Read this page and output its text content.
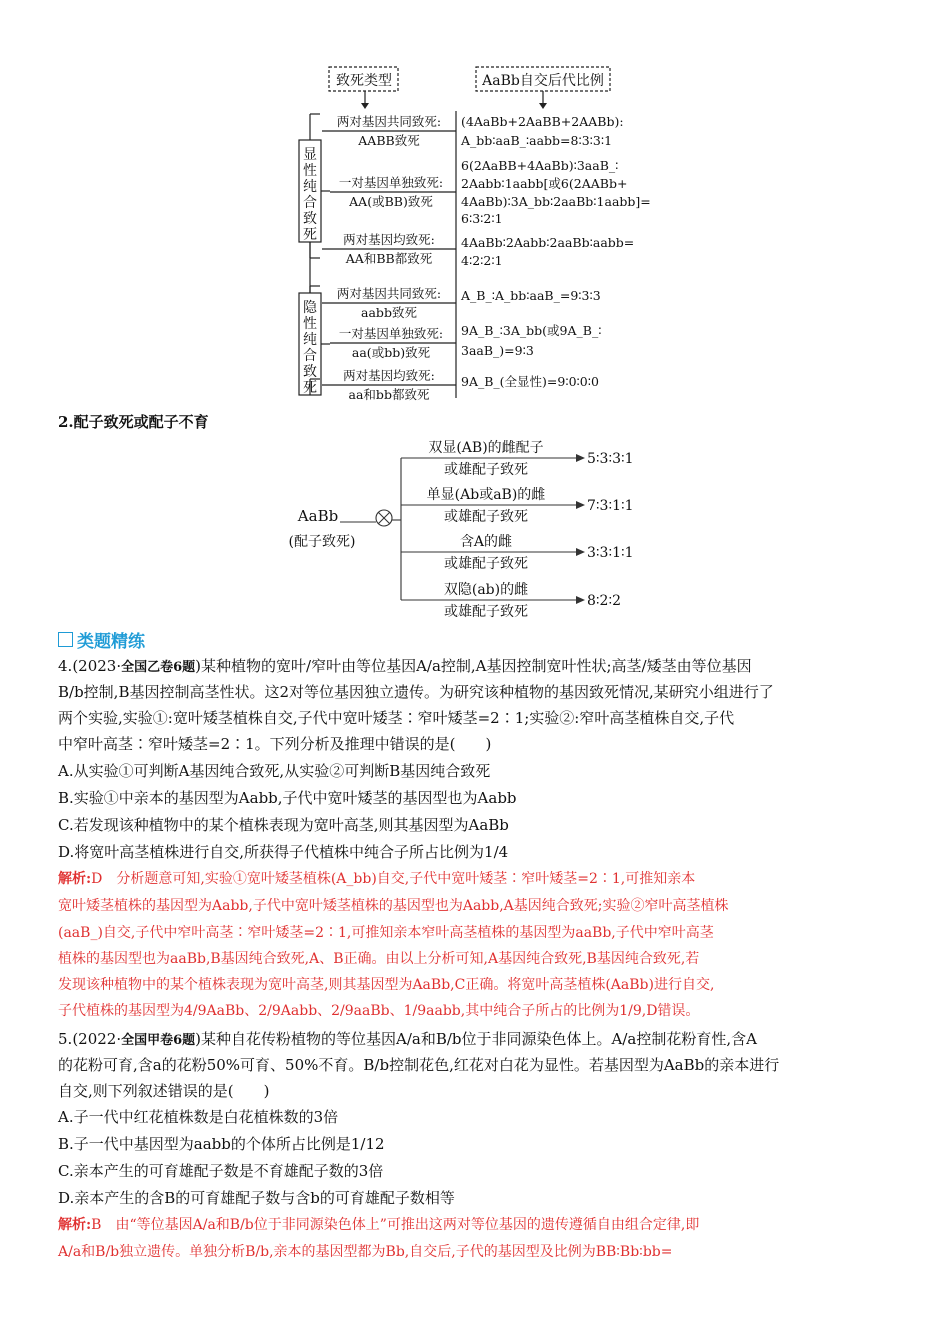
致死类型	AaBb自交后代比例
显
性
纯
合
致
死
隐
性
纯
合
致
死
两对基因共同致死:
AABB致死
一对基因单独致死:
AA(或BB)致死
两对基因均致死:
AA和BB都致死
两对基因共同致死:
aabb致死
一对基因单独致死:
aa(或bb)致死
两对基因均致死:
aa和bb都致死
(4AaBb+2AaBB+2AABb):
A_bb∶aaB_∶aabb=8∶3∶3∶1
6(2AaBB+4AaBb)∶3aaB_∶
2Aabb∶1aabb[或6(2AABb+
4AaBb)∶3A_bb∶2aaBb∶1aabb]=
6∶3∶2∶1
4AaBb∶2Aabb∶2aaBb∶aabb=
4∶2∶2∶1
A_B_∶A_bb∶aaB_=9∶3∶3
9A_B_∶3A_bb(或9A_B_∶
3aaB_)=9∶3
9A_B_(全显性)=9∶0∶0∶0
2.配子致死或配子不育
AaBb
(配子致死)
双显(AB)的雌配子
或雄配子致死
单显(Ab或aB)的雌
或雄配子致死
含A的雌
或雄配子致死
双隐(ab)的雌
或雄配子致死
5∶3∶3∶1
7∶3∶1∶1
3∶3∶1∶1
8∶2∶2
类题精练
4.(2023·全国乙卷6题)某种植物的宽叶/窄叶由等位基因A/a控制,A基因控制宽叶性状;高茎/矮茎由等位基因
B/b控制,B基因控制高茎性状。这2对等位基因独立遗传。为研究该种植物的基因致死情况,某研究小组进行了
两个实验,实验①:宽叶矮茎植株自交,子代中宽叶矮茎∶窄叶矮茎=2∶1;实验②:窄叶高茎植株自交,子代
中窄叶高茎∶窄叶矮茎=2∶1。下列分析及推理中错误的是(　　)
A.从实验①可判断A基因纯合致死,从实验②可判断B基因纯合致死
B.实验①中亲本的基因型为Aabb,子代中宽叶矮茎的基因型也为Aabb
C.若发现该种植物中的某个植株表现为宽叶高茎,则其基因型为AaBb
D.将宽叶高茎植株进行自交,所获得子代植株中纯合子所占比例为1/4
解析:D　分析题意可知,实验①宽叶矮茎植株(A_bb)自交,子代中宽叶矮茎∶窄叶矮茎=2∶1,可推知亲本
宽叶矮茎植株的基因型为Aabb,子代中宽叶矮茎植株的基因型也为Aabb,A基因纯合致死;实验②窄叶高茎植株
(aaB_)自交,子代中窄叶高茎∶窄叶矮茎=2∶1,可推知亲本窄叶高茎植株的基因型为aaBb,子代中窄叶高茎
植株的基因型也为aaBb,B基因纯合致死,A、B正确。由以上分析可知,A基因纯合致死,B基因纯合致死,若
发现该种植物中的某个植株表现为宽叶高茎,则其基因型为AaBb,C正确。将宽叶高茎植株(AaBb)进行自交,
子代植株的基因型为4/9AaBb、2/9Aabb、2/9aaBb、1/9aabb,其中纯合子所占的比例为1/9,D错误。
5.(2022·全国甲卷6题)某种自花传粉植物的等位基因A/a和B/b位于非同源染色体上。A/a控制花粉育性,含A
的花粉可育,含a的花粉50%可育、50%不育。B/b控制花色,红花对白花为显性。若基因型为AaBb的亲本进行
自交,则下列叙述错误的是(　　)
A.子一代中红花植株数是白花植株数的3倍
B.子一代中基因型为aabb的个体所占比例是1/12
C.亲本产生的可育雄配子数是不育雄配子数的3倍
D.亲本产生的含B的可育雄配子数与含b的可育雄配子数相等
解析:B　由“等位基因A/a和B/b位于非同源染色体上”可推出这两对等位基因的遗传遵循自由组合定律,即
A/a和B/b独立遗传。单独分析B/b,亲本的基因型都为Bb,自交后,子代的基因型及比例为BB∶Bb∶bb=
